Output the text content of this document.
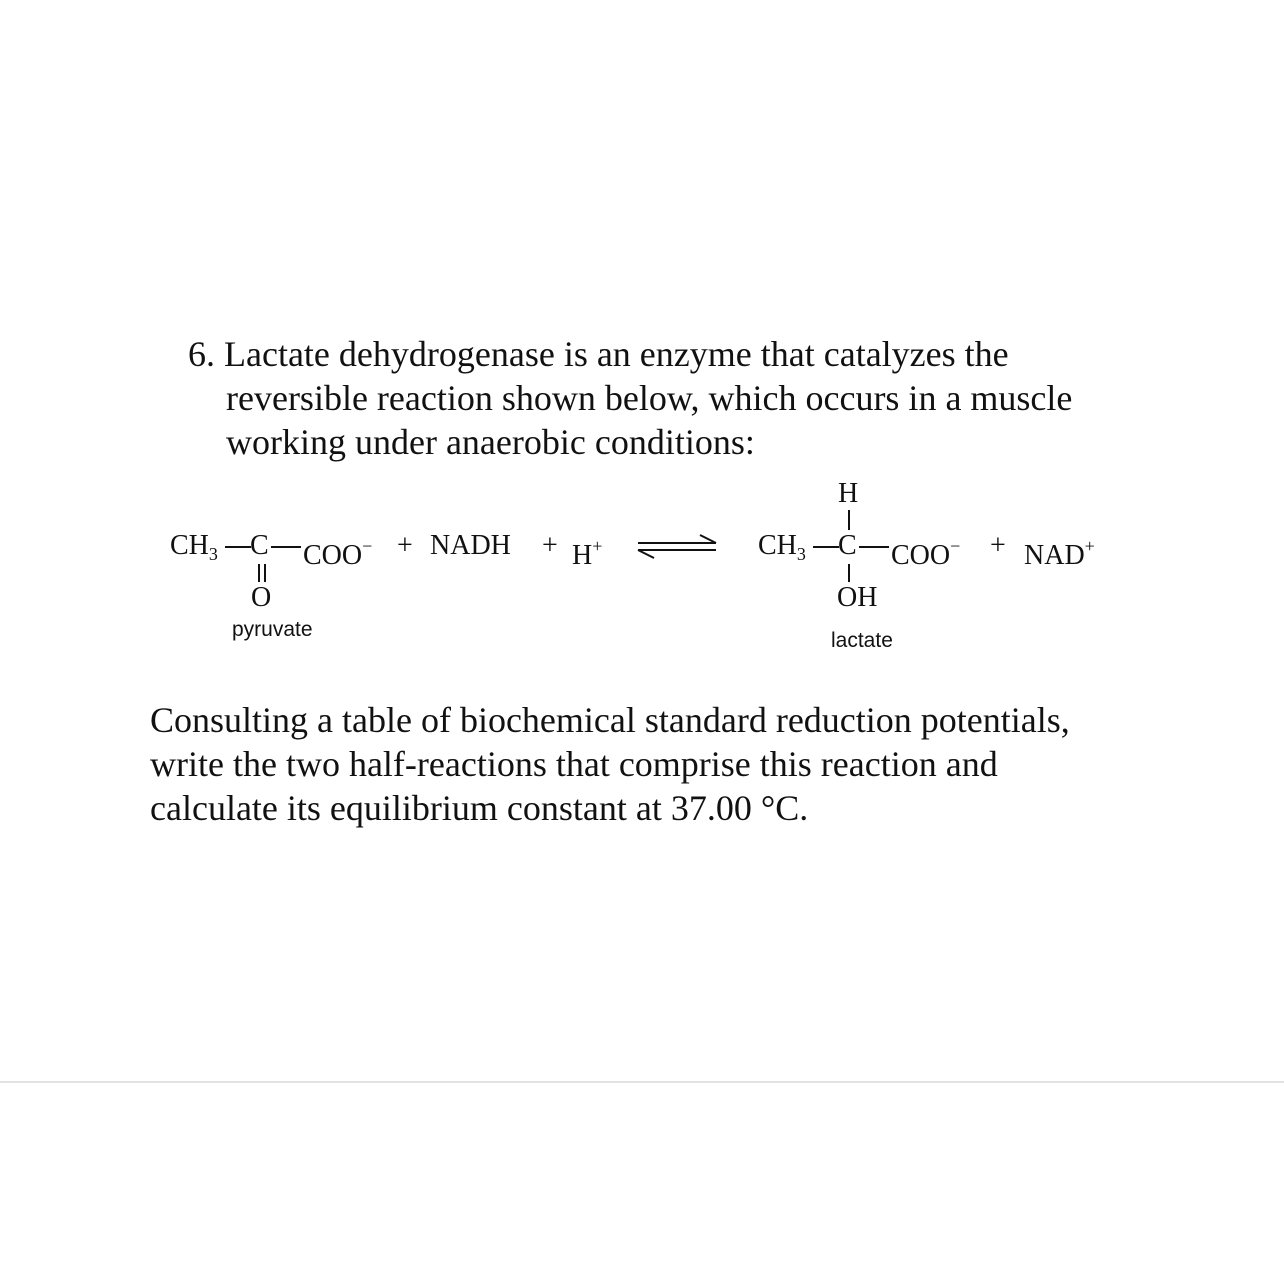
6. Lactate dehydrogenase is an enzyme that catalyzes the
reversible reaction shown below, which occurs in a muscle
working under anaerobic conditions:
$CH_3$ C COO−
O
pyruvate
+ NADH + H+
H
$CH_3$ C COO−
OH
lactate
+ NAD+
Consulting a table of biochemical standard reduction potentials,
write the two half-reactions that comprise this reaction and
calculate its equilibrium constant at 37.00 °C.
